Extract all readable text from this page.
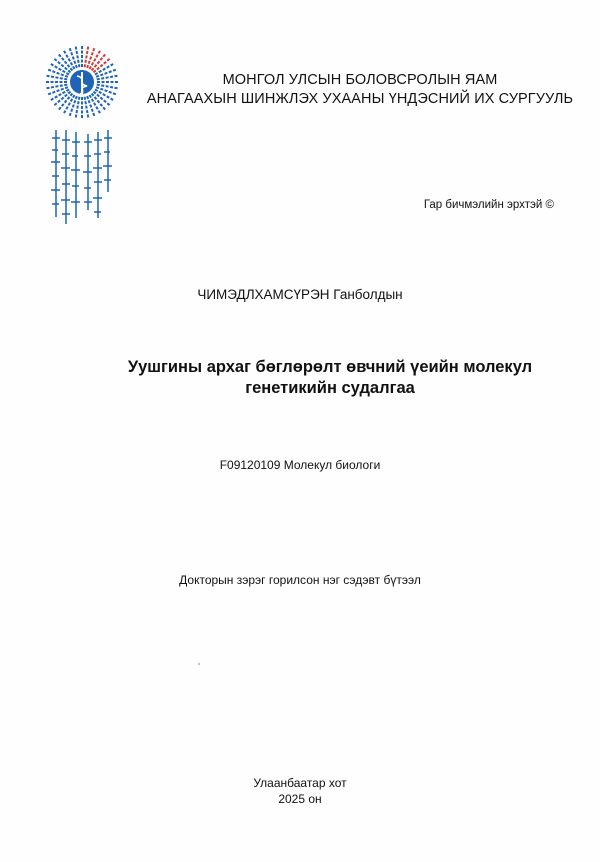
МОНГОЛ УЛСЫН БОЛОВСРОЛЫН ЯАМ
АНАГААХЫН ШИНЖЛЭХ УХААНЫ ҮНДЭСНИЙ ИХ СУРГУУЛЬ
Гар бичмэлийн эрхтэй ©
ЧИМЭДЛХАМСҮРЭН Ганболдын
Уушгины архаг бөглөрөлт өвчний үеийн молекул
генетикийн судалгаа
F09120109 Молекул биологи
Докторын зэрэг горилсон нэг сэдэвт бүтээл
Улаанбаатар хот
2025 он
